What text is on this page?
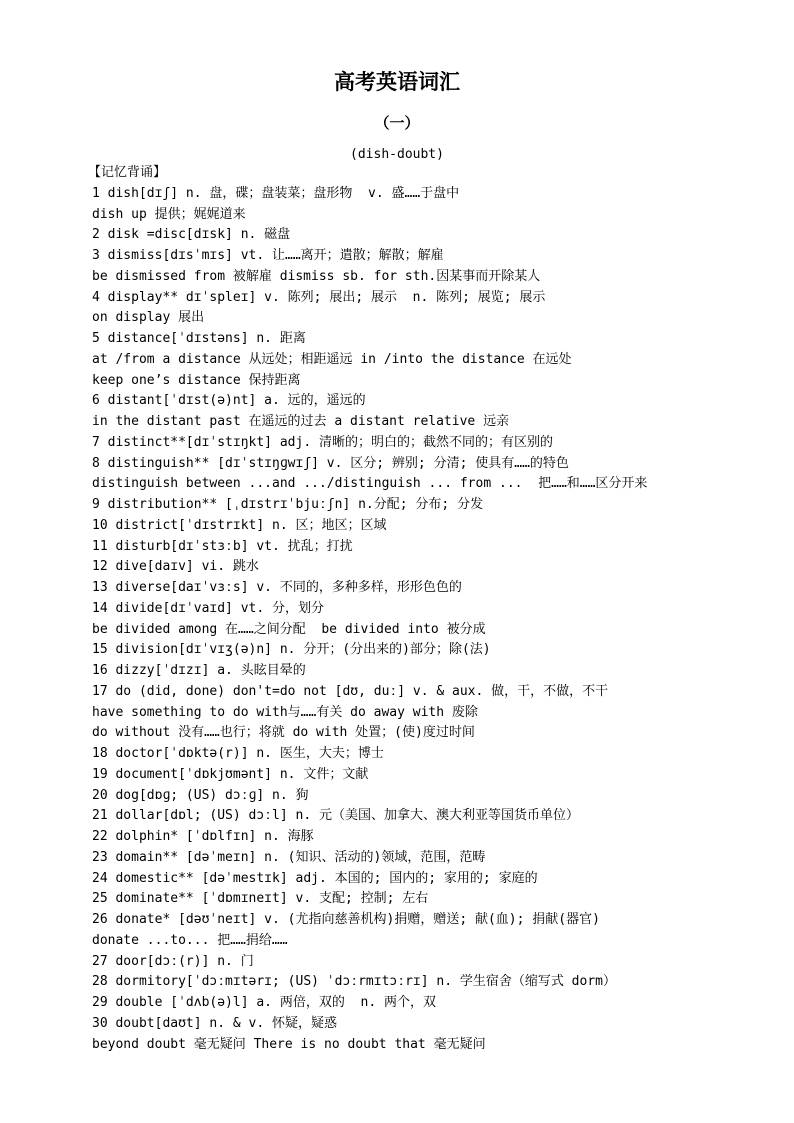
高考英语词汇
（一）
(dish-doubt)
【记忆背诵】
1 dish[dɪʃ] n. 盘，碟；盘装菜；盘形物  v. 盛……于盘中
dish up 提供；娓娓道来
2 disk =disc[dɪsk] n. 磁盘
3 dismiss[dɪsˈmɪs] vt. 让……离开；遣散；解散；解雇
be dismissed from 被解雇 dismiss sb. for sth.因某事而开除某人
4 display** dɪˈspleɪ] v. 陈列; 展出; 展示  n. 陈列; 展览; 展示
on display 展出
5 distance[ˈdɪstəns] n. 距离
at /from a distance 从远处；相距遥远 in /into the distance 在远处
keep one’s distance 保持距离
6 distant[ˈdɪst(ə)nt] a. 远的，遥远的
in the distant past 在遥远的过去 a distant relative 远亲
7 distinct**[dɪˈstɪŋkt] adj. 清晰的；明白的；截然不同的；有区别的
8 distinguish** [dɪˈstɪŋɡwɪʃ] v. 区分; 辨别; 分清; 使具有……的特色
distinguish between ...and .../distinguish ... from ...  把……和……区分开来
9 distribution** [ˌdɪstrɪˈbjuːʃn] n.分配; 分布; 分发
10 district[ˈdɪstrɪkt] n. 区；地区；区域
11 disturb[dɪˈstɜːb] vt. 扰乱；打扰
12 dive[daɪv] vi. 跳水
13 diverse[daɪˈvɜːs] v. 不同的，多种多样，形形色色的
14 divide[dɪˈvaɪd] vt. 分，划分
be divided among 在……之间分配  be divided into 被分成
15 division[dɪˈvɪʒ(ə)n] n. 分开；(分出来的)部分；除(法)
16 dizzy[ˈdɪzɪ] a. 头眩目晕的
17 do (did, done) don't=do not [dʊ, duː] v. & aux. 做，干，不做，不干
have something to do with与……有关 do away with 废除
do without 没有……也行；将就 do with 处置；(使)度过时间
18 doctor[ˈdɒktə(r)] n. 医生，大夫；博士
19 document[ˈdɒkjʊmənt] n. 文件；文献
20 dog[dɒɡ; (US) dɔːɡ] n. 狗
21 dollar[dɒl; (US) dɔːl] n. 元（美国、加拿大、澳大利亚等国货币单位）
22 dolphin* [ˈdɒlfɪn] n. 海豚
23 domain** [dəˈmeɪn] n. (知识、活动的)领域，范围，范畴
24 domestic** [dəˈmestɪk] adj. 本国的; 国内的; 家用的; 家庭的
25 dominate** [ˈdɒmɪneɪt] v. 支配; 控制; 左右
26 donate* [dəʊˈneɪt] v. (尤指向慈善机构)捐赠，赠送; 献(血); 捐献(器官)
donate ...to... 把……捐给……
27 door[dɔː(r)] n. 门
28 dormitory[ˈdɔːmɪtərɪ; (US) ˈdɔːrmɪtɔːrɪ] n. 学生宿舍（缩写式 dorm）
29 double [ˈdʌb(ə)l] a. 两倍，双的  n. 两个，双
30 doubt[daʊt] n. & v. 怀疑，疑惑
beyond doubt 毫无疑问 There is no doubt that 毫无疑问
